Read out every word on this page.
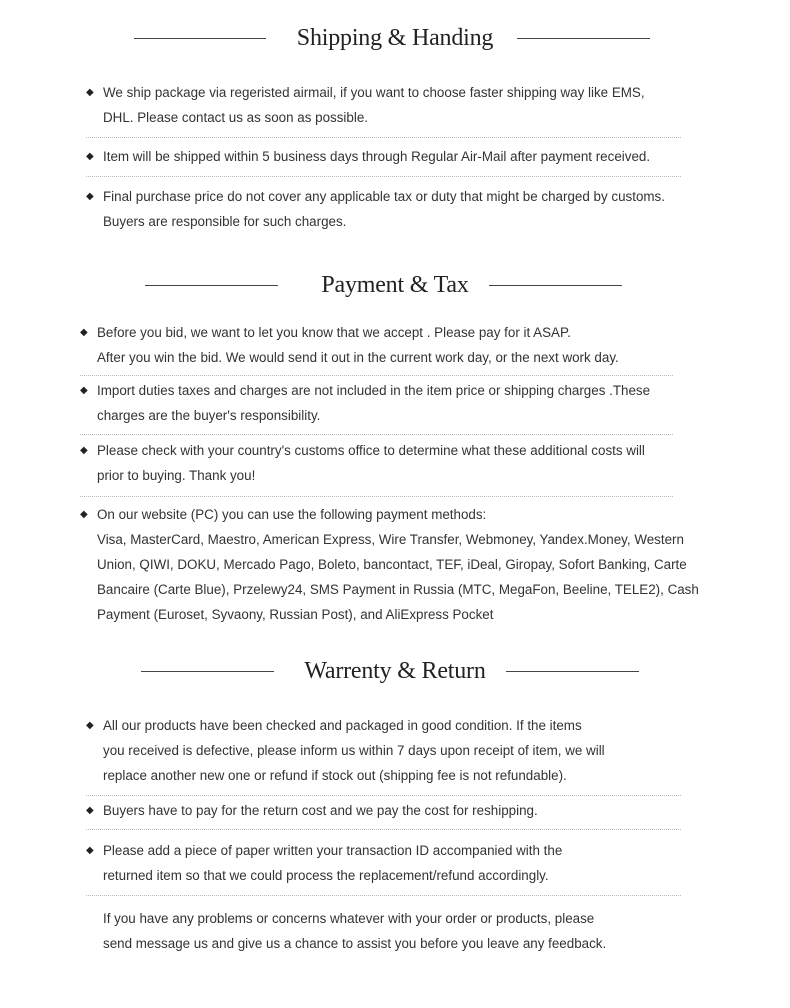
Shipping & Handing
◆ We ship package via regeristed airmail, if you want to choose faster shipping way like EMS,
DHL. Please contact us as soon as possible.
◆ Item will be shipped within 5 business days through Regular Air-Mail after payment received.
◆ Final purchase price do not cover any applicable tax or duty that might be charged by customs.
Buyers are responsible for such charges.
Payment & Tax
◆ Before you bid, we want to let you know that we accept . Please pay for it ASAP.
After you win the bid. We would send it out in the current work day, or the next work day.
◆ Import duties taxes and charges are not included in the item price or shipping charges .These
charges are the buyer's responsibility.
◆ Please check with your country's customs office to determine what these additional costs will
prior to buying. Thank you!
◆ On our website (PC) you can use the following payment methods:
Visa, MasterCard, Maestro, American Express, Wire Transfer, Webmoney, Yandex.Money, Western
Union, QIWI, DOKU, Mercado Pago, Boleto, bancontact, TEF, iDeal, Giropay, Sofort Banking, Carte
Bancaire (Carte Blue), Przelewy24, SMS Payment in Russia (MTC, MegaFon, Beeline, TELE2), Cash
Payment (Euroset, Syvaony, Russian Post), and AliExpress Pocket
Warrenty & Return
◆ All our products have been checked and packaged in good condition. If the items
you received is defective, please inform us within 7 days upon receipt of item, we will
replace another new one or refund if stock out (shipping fee is not refundable).
◆ Buyers have to pay for the return cost and we pay the cost for reshipping.
◆ Please add a piece of paper written your transaction ID accompanied with the
returned item so that we could process the replacement/refund accordingly.
If you have any problems or concerns whatever with your order or products, please
send message us and give us a chance to assist you before you leave any feedback.
